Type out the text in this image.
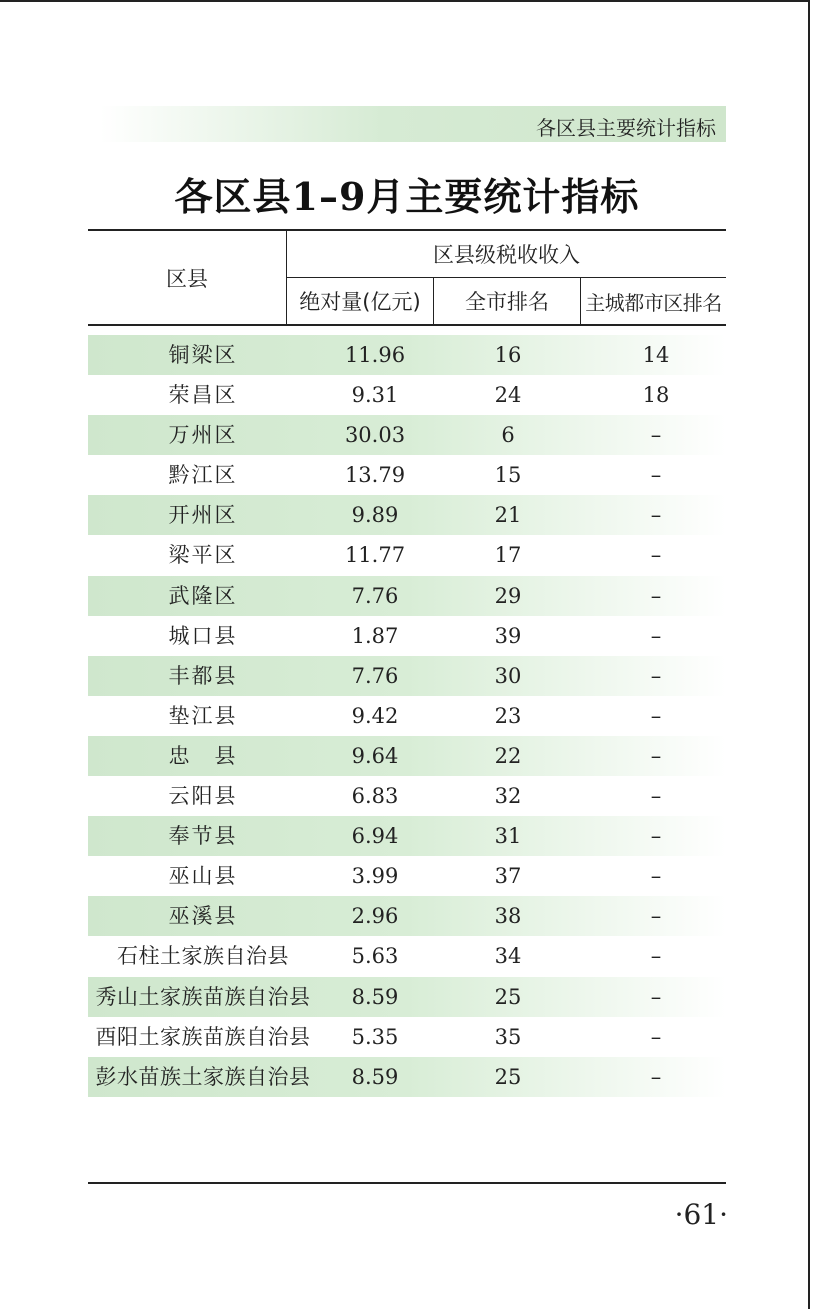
各区县主要统计指标
各区县1–9月主要统计指标
区县
区县级税收收入
绝对量(亿元)	全市排名	主城都市区排名
铜梁区	11.96	16	14
荣昌区	9.31	24	18
万州区	30.03	6	–
黔江区	13.79	15	–
开州区	9.89	21	–
梁平区	11.77	17	–
武隆区	7.76	29	–
城口县	1.87	39	–
丰都县	7.76	30	–
垫江县	9.42	23	–
忠　县	9.64	22	–
云阳县	6.83	32	–
奉节县	6.94	31	–
巫山县	3.99	37	–
巫溪县	2.96	38	–
石柱土家族自治县	5.63	34	–
秀山土家族苗族自治县	8.59	25	–
酉阳土家族苗族自治县	5.35	35	–
彭水苗族土家族自治县	8.59	25	–
·61·
